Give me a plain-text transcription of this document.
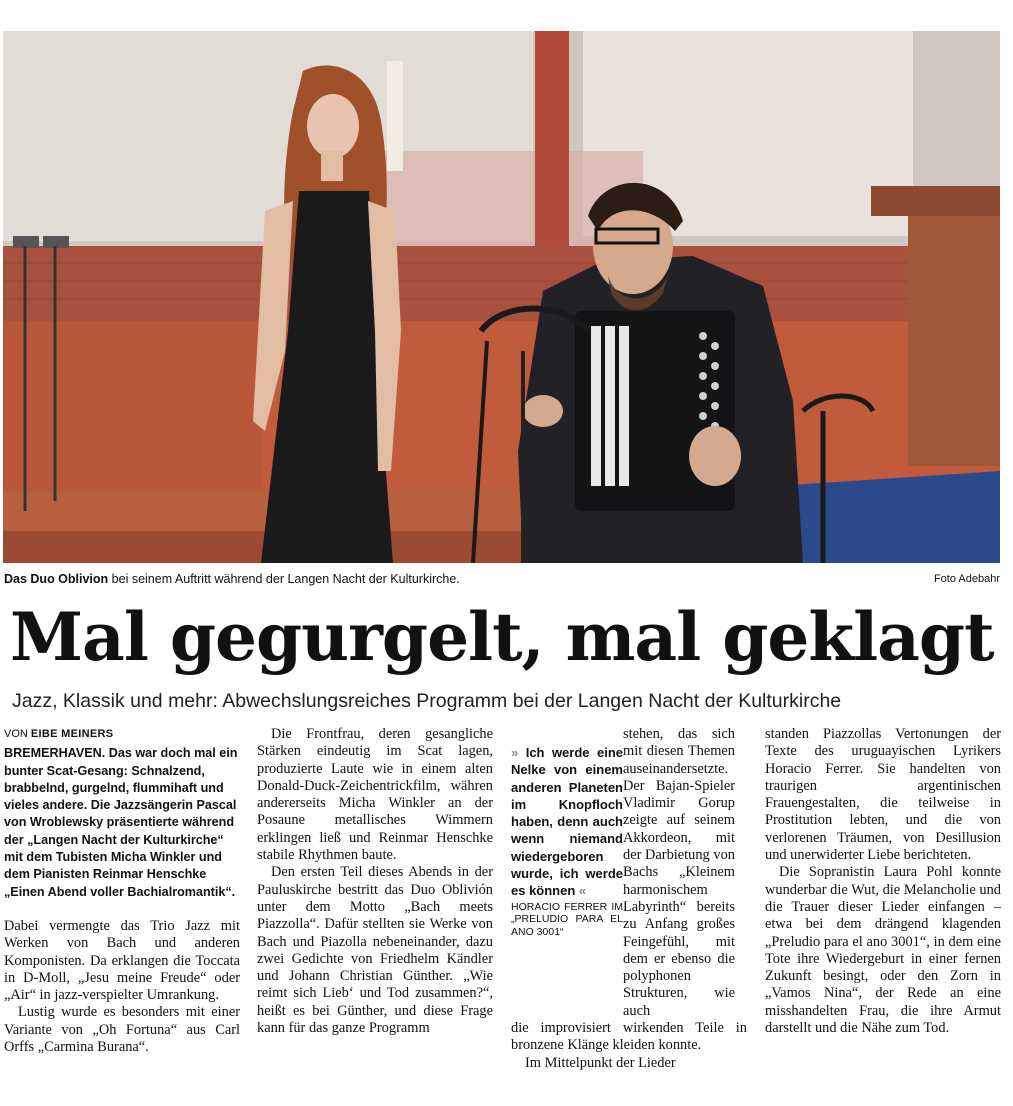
Das Duo Oblivion bei seinem Auftritt während der Langen Nacht der Kulturkirche.	Foto Adebahr
Mal gegurgelt, mal geklagt
Jazz, Klassik und mehr: Abwechslungsreiches Programm bei der Langen Nacht der Kulturkirche
VON EIBE MEINERS

BREMERHAVEN. Das war doch mal ein bunter Scat-Gesang: Schnalzend, brabbelnd, gurgelnd, flummihaft und vieles andere. Die Jazzsängerin Pascal von Wroblewsky präsentierte während der „Langen Nacht der Kulturkirche“ mit dem Tubisten Micha Winkler und dem Pianisten Reinmar Henschke „Einen Abend voller Bachialromantik“.

Dabei vermengte das Trio Jazz mit Werken von Bach und anderen Komponisten. Da erklangen die Toccata in D-Moll, „Jesu meine Freude“ oder „Air“ in jazz-verspielter Umrankung.

Lustig wurde es besonders mit einer Variante von „Oh Fortuna“ aus Carl Orffs „Carmina Burana“.

Die Frontfrau, deren gesangliche Stärken eindeutig im Scat lagen, produzierte Laute wie in einem alten Donald-Duck-Zeichentrickfilm, währen andererseits Micha Winkler an der Posaune metallisches Wimmern erklingen ließ und Reinmar Henschke stabile Rhythmen baute.

Den ersten Teil dieses Abends in der Pauluskirche bestritt das Duo Oblivión unter dem Motto „Bach meets Piazzolla“. Dafür stellten sie Werke von Bach und Piazolla nebeneinander, dazu zwei Gedichte von Friedhelm Kändler und Johann Christian Günther. „Wie reimt sich Lieb‘ und Tod zusammen?“, heißt es bei Günther, und diese Frage kann für das ganze Programm

» Ich werde eine Nelke von einem anderen Planeten im Knopfloch haben, denn auch wenn niemand wiedergeboren wurde, ich werde es können «
HORACIO FERRER IM „PRELUDIO PARA EL ANO 3001“

stehen, das sich mit diesen Themen auseinandersetzte. Der Bajan-Spieler Vladimir Gorup zeigte auf seinem Akkordeon, mit der Darbietung von Bachs „Kleinem harmonischem Labyrinth“ bereits zu Anfang großes Feingefühl, mit dem er ebenso die polyphonen Strukturen, wie auch

die improvisiert wirkenden Teile in bronzene Klänge kleiden konnte.

Im Mittelpunkt der Lieder

standen Piazzollas Vertonungen der Texte des uruguayischen Lyrikers Horacio Ferrer. Sie handelten von traurigen argentinischen Frauengestalten, die teilweise in Prostitution lebten, und die von verlorenen Träumen, von Desillusion und unerwiderter Liebe berichteten.

Die Sopranistin Laura Pohl konnte wunderbar die Wut, die Melancholie und die Trauer dieser Lieder einfangen – etwa bei dem drängend klagenden „Preludio para el ano 3001“, in dem eine Tote ihre Wiedergeburt in einer fernen Zukunft besingt, oder den Zorn in „Vamos Nina“, der Rede an eine misshandelten Frau, die ihre Armut darstellt und die Nähe zum Tod.
